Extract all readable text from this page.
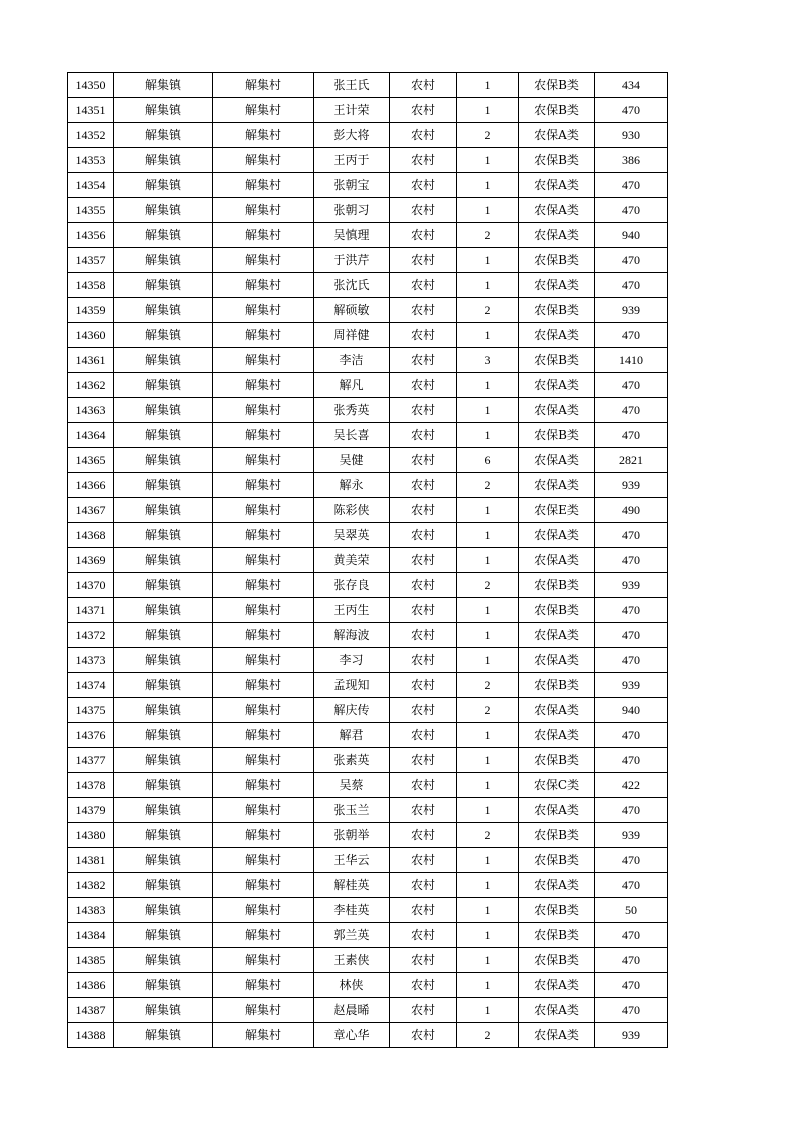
14350	解集镇	解集村	张王氏	农村	1	农保B类	434
14351	解集镇	解集村	王计荣	农村	1	农保B类	470
14352	解集镇	解集村	彭大将	农村	2	农保A类	930
14353	解集镇	解集村	王丙于	农村	1	农保B类	386
14354	解集镇	解集村	张朝宝	农村	1	农保A类	470
14355	解集镇	解集村	张朝习	农村	1	农保A类	470
14356	解集镇	解集村	吴慎理	农村	2	农保A类	940
14357	解集镇	解集村	于洪芹	农村	1	农保B类	470
14358	解集镇	解集村	张沈氏	农村	1	农保A类	470
14359	解集镇	解集村	解硕敏	农村	2	农保B类	939
14360	解集镇	解集村	周祥健	农村	1	农保A类	470
14361	解集镇	解集村	李洁	农村	3	农保B类	1410
14362	解集镇	解集村	解凡	农村	1	农保A类	470
14363	解集镇	解集村	张秀英	农村	1	农保A类	470
14364	解集镇	解集村	吴长喜	农村	1	农保B类	470
14365	解集镇	解集村	吴健	农村	6	农保A类	2821
14366	解集镇	解集村	解永	农村	2	农保A类	939
14367	解集镇	解集村	陈彩侠	农村	1	农保E类	490
14368	解集镇	解集村	吴翠英	农村	1	农保A类	470
14369	解集镇	解集村	黄美荣	农村	1	农保A类	470
14370	解集镇	解集村	张存良	农村	2	农保B类	939
14371	解集镇	解集村	王丙生	农村	1	农保B类	470
14372	解集镇	解集村	解海波	农村	1	农保A类	470
14373	解集镇	解集村	李习	农村	1	农保A类	470
14374	解集镇	解集村	孟现知	农村	2	农保B类	939
14375	解集镇	解集村	解庆传	农村	2	农保A类	940
14376	解集镇	解集村	解君	农村	1	农保A类	470
14377	解集镇	解集村	张素英	农村	1	农保B类	470
14378	解集镇	解集村	吴蔡	农村	1	农保C类	422
14379	解集镇	解集村	张玉兰	农村	1	农保A类	470
14380	解集镇	解集村	张朝举	农村	2	农保B类	939
14381	解集镇	解集村	王华云	农村	1	农保B类	470
14382	解集镇	解集村	解桂英	农村	1	农保A类	470
14383	解集镇	解集村	李桂英	农村	1	农保B类	50
14384	解集镇	解集村	郭兰英	农村	1	农保B类	470
14385	解集镇	解集村	王素侠	农村	1	农保B类	470
14386	解集镇	解集村	林侠	农村	1	农保A类	470
14387	解集镇	解集村	赵晨晞	农村	1	农保A类	470
14388	解集镇	解集村	章心华	农村	2	农保A类	939
